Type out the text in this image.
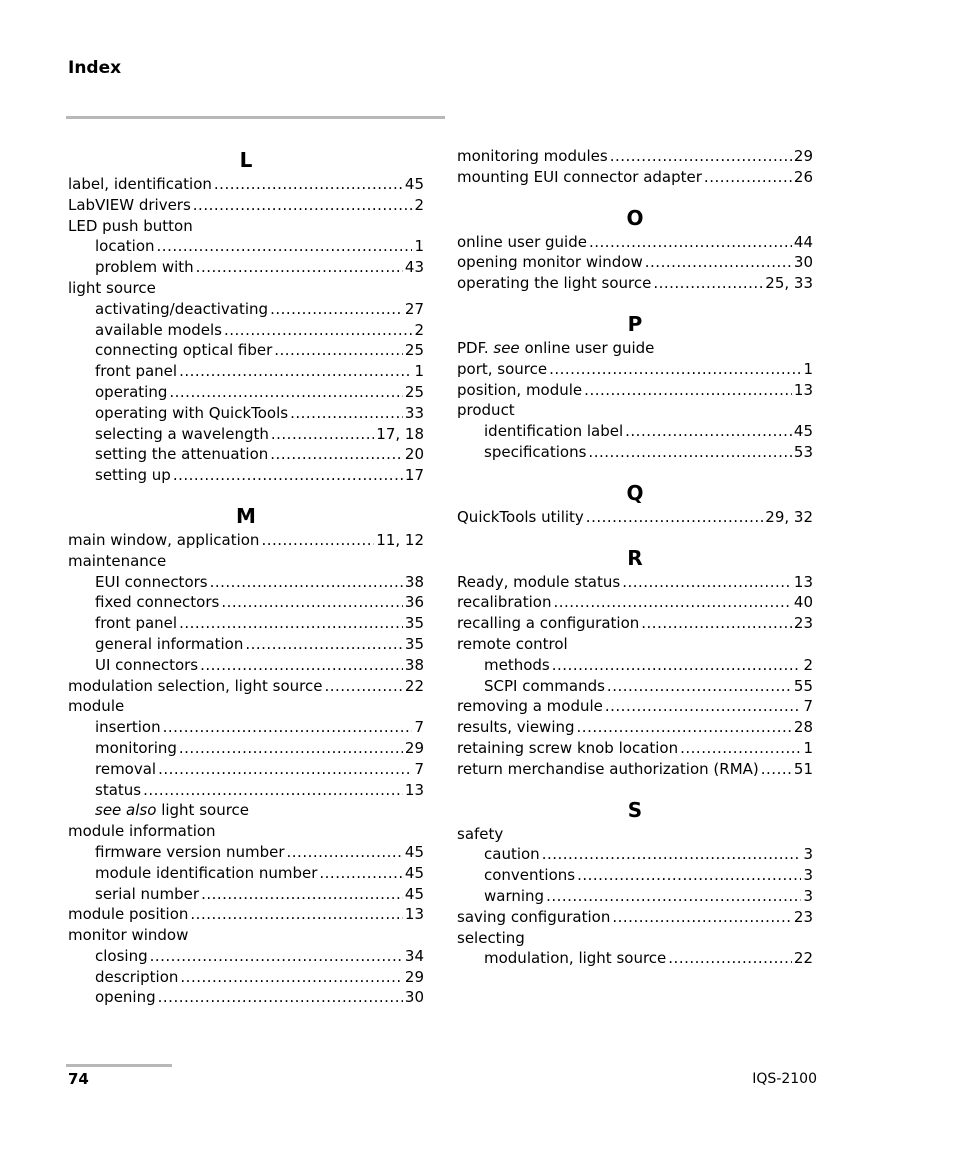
Index
L
label, identification .....	45
LabVIEW drivers .....	2
LED push button
location .....	1
problem with .....	43
light source
activating/deactivating .....	27
available models .....	2
connecting optical fiber .....	25
front panel .....	1
operating .....	25
operating with QuickTools .....	33
selecting a wavelength .....	17, 18
setting the attenuation .....	20
setting up .....	17
M
main window, application .....	11, 12
maintenance
EUI connectors .....	38
fixed connectors .....	36
front panel .....	35
general information .....	35
UI connectors .....	38
modulation selection, light source .....	22
module
insertion .....	7
monitoring .....	29
removal .....	7
status .....	13
see also light source
module information
firmware version number .....	45
module identification number .....	45
serial number .....	45
module position .....	13
monitor window
closing .....	34
description .....	29
opening .....	30
monitoring modules .....	29
mounting EUI connector adapter .....	26
O
online user guide .....	44
opening monitor window .....	30
operating the light source .....	25, 33
P
PDF. see online user guide
port, source .....	1
position, module .....	13
product
identification label .....	45
specifications .....	53
Q
QuickTools utility .....	29, 32
R
Ready, module status .....	13
recalibration .....	40
recalling a configuration .....	23
remote control
methods .....	2
SCPI commands .....	55
removing a module .....	7
results, viewing .....	28
retaining screw knob location .....	1
return merchandise authorization (RMA) ..... 51
S
safety
caution .....	3
conventions .....	3
warning .....	3
saving configuration .....	23
selecting
modulation, light source .....	22
74	IQS-2100
